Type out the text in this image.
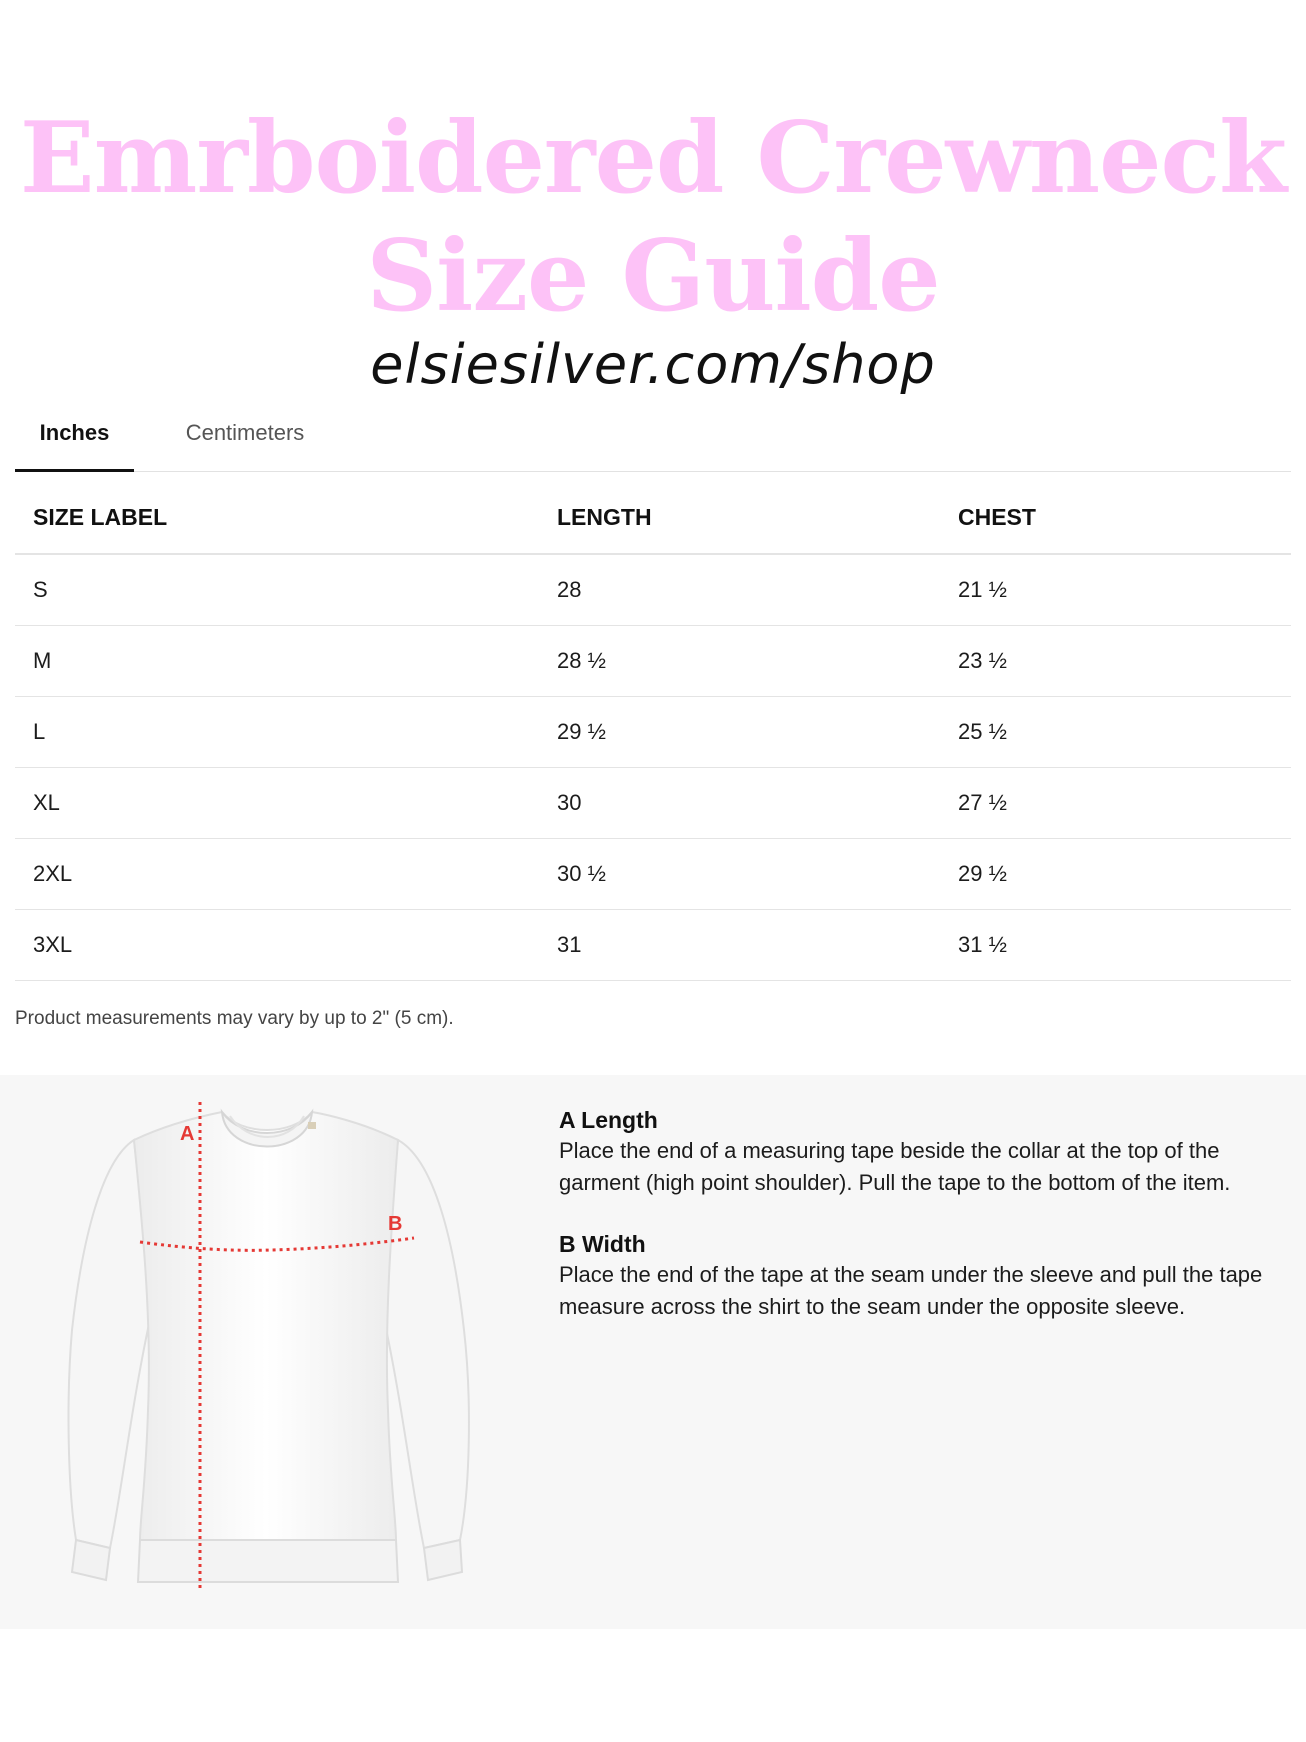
Emrboidered Crewneck
Size Guide
elsiesilver.com/shop
Inches	Centimeters
SIZE LABEL	LENGTH	CHEST
S	28	21 ½
M	28 ½	23 ½
L	29 ½	25 ½
XL	30	27 ½
2XL	30 ½	29 ½
3XL	31	31 ½
Product measurements may vary by up to 2" (5 cm).
A
B
A Length

Place the end of a measuring tape beside the collar at the top of the garment (high point shoulder). Pull the tape to the bottom of the item.

B Width

Place the end of the tape at the seam under the sleeve and pull the tape measure across the shirt to the seam under the opposite sleeve.
